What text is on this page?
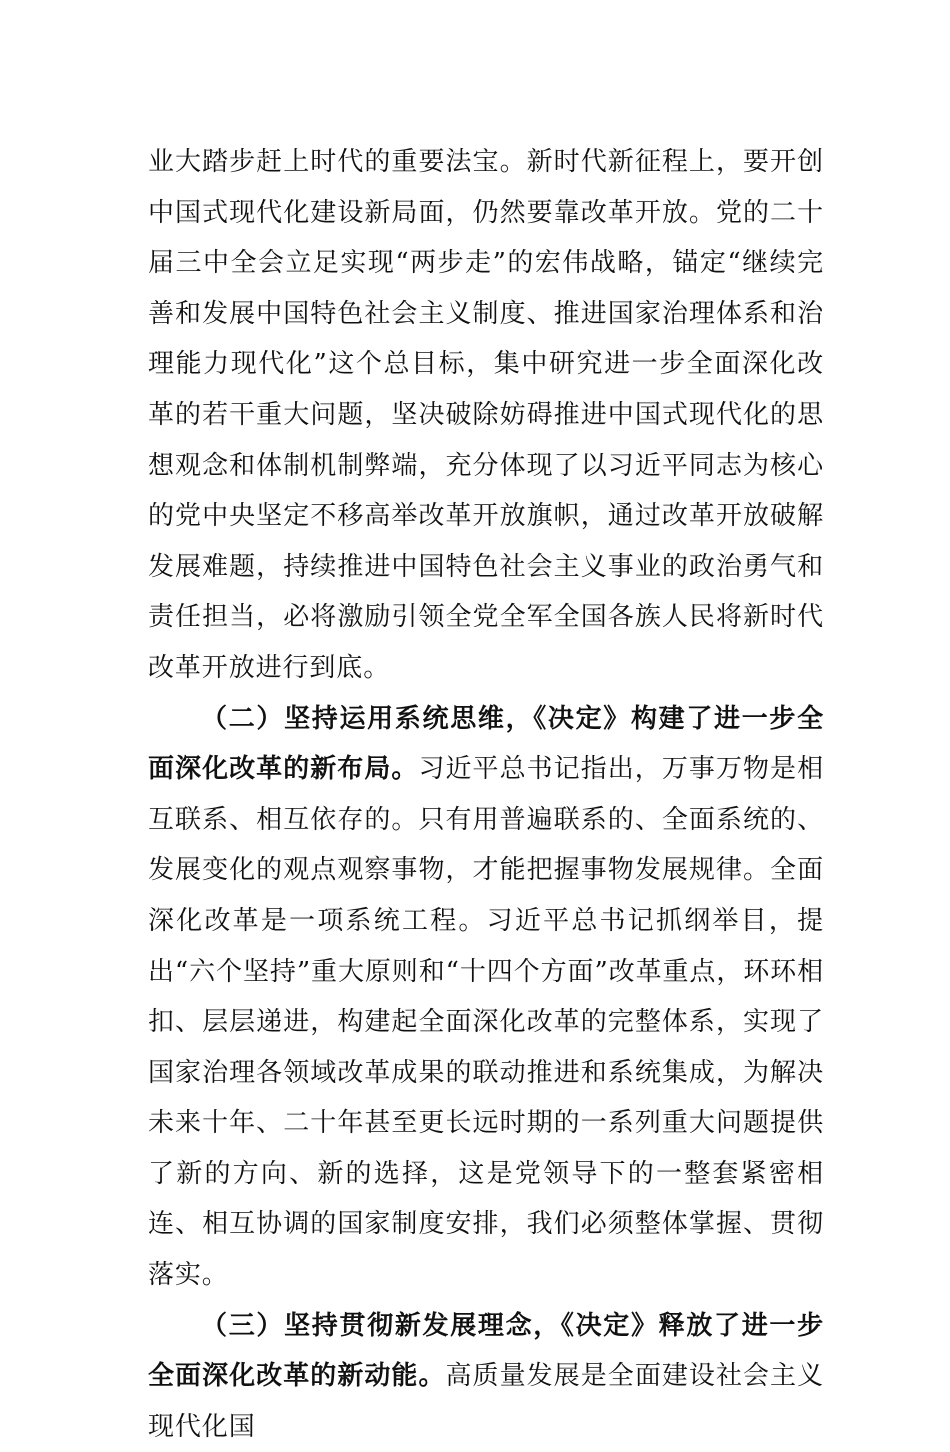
业大踏步赶上时代的重要法宝。新时代新征程上，要开创中国式现代化建设新局面，仍然要靠改革开放。党的二十届三中全会立足实现“两步走”的宏伟战略，锚定“继续完善和发展中国特色社会主义制度、推进国家治理体系和治理能力现代化”这个总目标，集中研究进一步全面深化改革的若干重大问题，坚决破除妨碍推进中国式现代化的思想观念和体制机制弊端，充分体现了以习近平同志为核心的党中央坚定不移高举改革开放旗帜，通过改革开放破解发展难题，持续推进中国特色社会主义事业的政治勇气和责任担当，必将激励引领全党全军全国各族人民将新时代改革开放进行到底。

（二）坚持运用系统思维，《决定》构建了进一步全面深化改革的新布局。习近平总书记指出，万事万物是相互联系、相互依存的。只有用普遍联系的、全面系统的、发展变化的观点观察事物，才能把握事物发展规律。全面深化改革是一项系统工程。习近平总书记抓纲举目，提出“六个坚持”重大原则和“十四个方面”改革重点，环环相扣、层层递进，构建起全面深化改革的完整体系，实现了国家治理各领域改革成果的联动推进和系统集成，为解决未来十年、二十年甚至更长远时期的一系列重大问题提供了新的方向、新的选择，这是党领导下的一整套紧密相连、相互协调的国家制度安排，我们必须整体掌握、贯彻落实。

（三）坚持贯彻新发展理念，《决定》释放了进一步全面深化改革的新动能。高质量发展是全面建设社会主义现代化国
